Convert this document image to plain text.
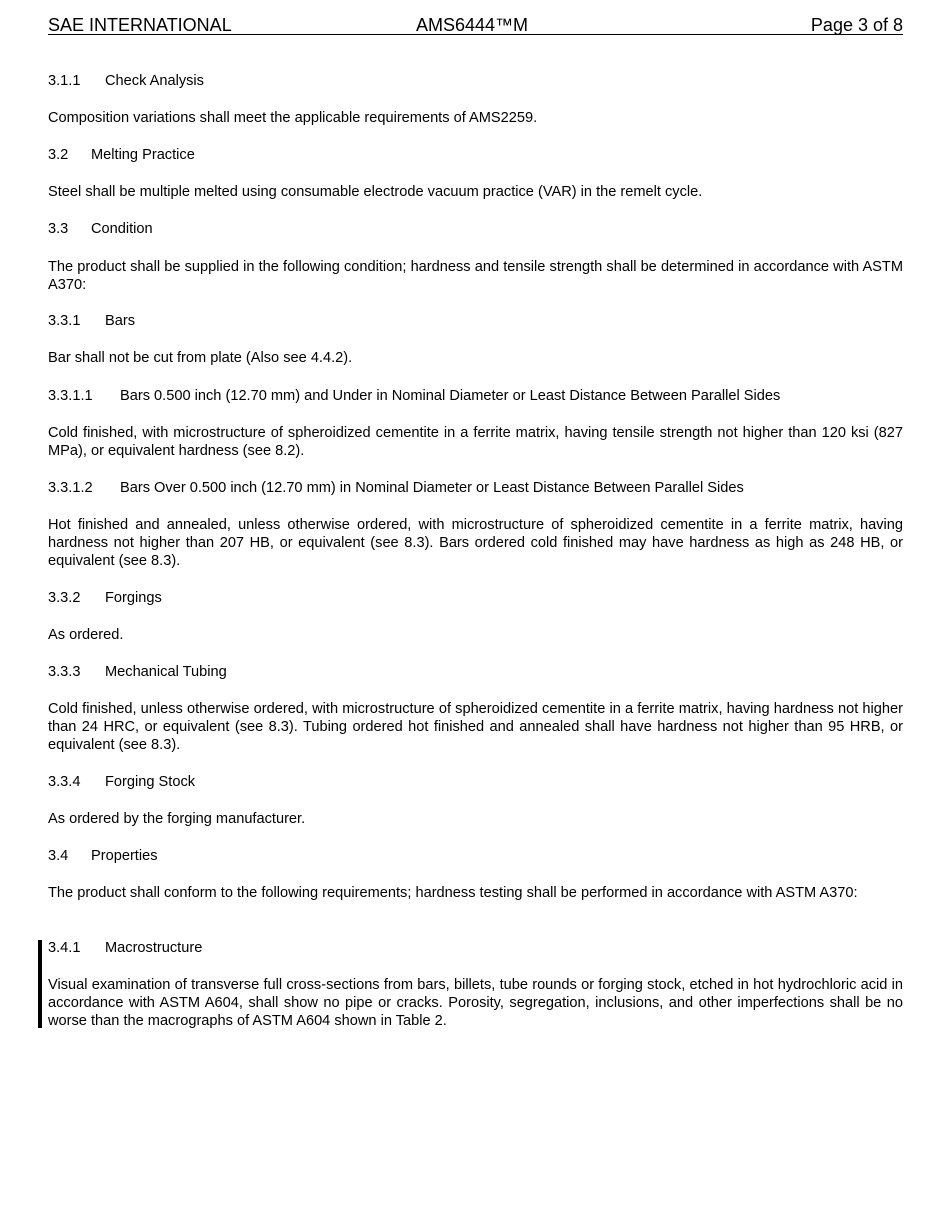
SAE INTERNATIONAL	AMS6444™M	Page 3 of 8
3.1.1 Check Analysis
Composition variations shall meet the applicable requirements of AMS2259.
3.2 Melting Practice
Steel shall be multiple melted using consumable electrode vacuum practice (VAR) in the remelt cycle.
3.3 Condition
The product shall be supplied in the following condition; hardness and tensile strength shall be determined in accordance with ASTM A370:
3.3.1 Bars
Bar shall not be cut from plate (Also see 4.4.2).
3.3.1.1 Bars 0.500 inch (12.70 mm) and Under in Nominal Diameter or Least Distance Between Parallel Sides
Cold finished, with microstructure of spheroidized cementite in a ferrite matrix, having tensile strength not higher than 120 ksi (827 MPa), or equivalent hardness (see 8.2).
3.3.1.2 Bars Over 0.500 inch (12.70 mm) in Nominal Diameter or Least Distance Between Parallel Sides
Hot finished and annealed, unless otherwise ordered, with microstructure of spheroidized cementite in a ferrite matrix, having hardness not higher than 207 HB, or equivalent (see 8.3). Bars ordered cold finished may have hardness as high as 248 HB, or equivalent (see 8.3).
3.3.2 Forgings
As ordered.
3.3.3 Mechanical Tubing
Cold finished, unless otherwise ordered, with microstructure of spheroidized cementite in a ferrite matrix, having hardness not higher than 24 HRC, or equivalent (see 8.3). Tubing ordered hot finished and annealed shall have hardness not higher than 95 HRB, or equivalent (see 8.3).
3.3.4 Forging Stock
As ordered by the forging manufacturer.
3.4 Properties
The product shall conform to the following requirements; hardness testing shall be performed in accordance with ASTM A370:
3.4.1 Macrostructure
Visual examination of transverse full cross-sections from bars, billets, tube rounds or forging stock, etched in hot hydrochloric acid in accordance with ASTM A604, shall show no pipe or cracks. Porosity, segregation, inclusions, and other imperfections shall be no worse than the macrographs of ASTM A604 shown in Table 2.
